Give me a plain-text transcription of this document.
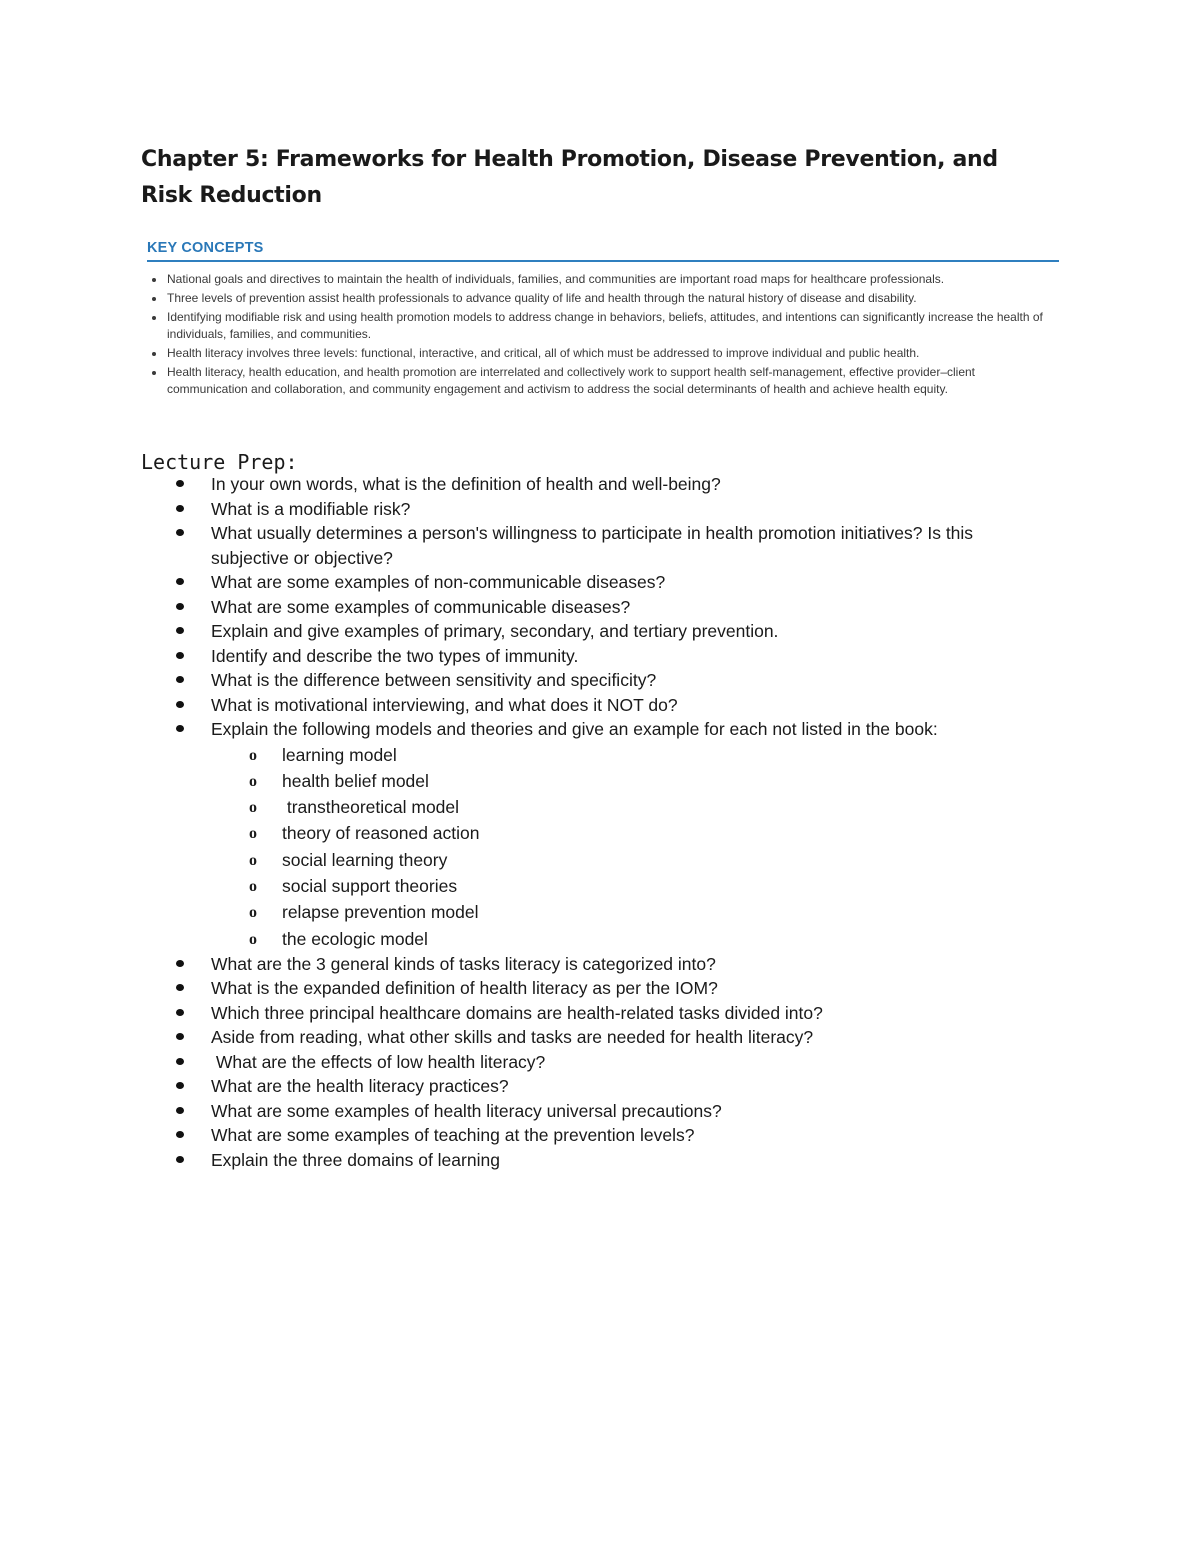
Chapter 5: Frameworks for Health Promotion, Disease Prevention, and Risk Reduction
KEY CONCEPTS
National goals and directives to maintain the health of individuals, families, and communities are important road maps for healthcare professionals.
Three levels of prevention assist health professionals to advance quality of life and health through the natural history of disease and disability.
Identifying modifiable risk and using health promotion models to address change in behaviors, beliefs, attitudes, and intentions can significantly increase the health of individuals, families, and communities.
Health literacy involves three levels: functional, interactive, and critical, all of which must be addressed to improve individual and public health.
Health literacy, health education, and health promotion are interrelated and collectively work to support health self-management, effective provider–client communication and collaboration, and community engagement and activism to address the social determinants of health and achieve health equity.
Lecture Prep:
In your own words, what is the definition of health and well-being?
What is a modifiable risk?
What usually determines a person's willingness to participate in health promotion initiatives? Is this subjective or objective?
What are some examples of non-communicable diseases?
What are some examples of communicable diseases?
Explain and give examples of primary, secondary, and tertiary prevention.
Identify and describe the two types of immunity.
What is the difference between sensitivity and specificity?
What is motivational interviewing, and what does it NOT do?
Explain the following models and theories and give an example for each not listed in the book:
o learning model
o health belief model
o transtheoretical model
o theory of reasoned action
o social learning theory
o social support theories
o relapse prevention model
o the ecologic model
What are the 3 general kinds of tasks literacy is categorized into?
What is the expanded definition of health literacy as per the IOM?
Which three principal healthcare domains are health-related tasks divided into?
Aside from reading, what other skills and tasks are needed for health literacy?
What are the effects of low health literacy?
What are the health literacy practices?
What are some examples of health literacy universal precautions?
What are some examples of teaching at the prevention levels?
Explain the three domains of learning
